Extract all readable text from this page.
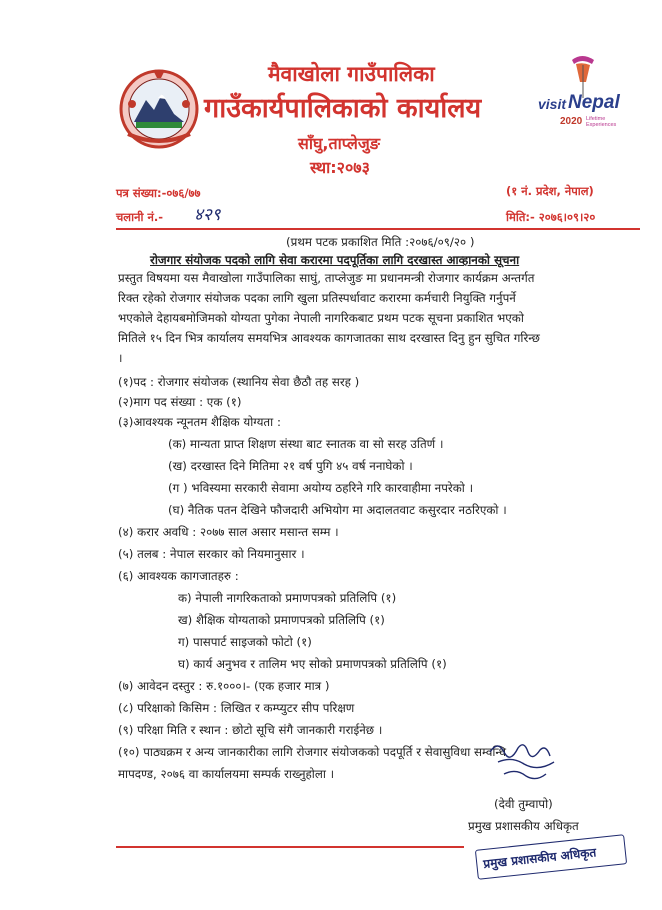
मैवाखोला गाउँपालिका
गाउँकार्यपालिकाको कार्यालय
साँघु,ताप्लेजुङ
स्था:२०७३
visit Nepal
2020 Lifetime Experiences
पत्र संख्या:-०७६/७७	(१ नं. प्रदेश, नेपाल)
चलानी नं.- ४२९	मिति:- २०७६।०९।२०
(प्रथम पटक प्रकाशित मिति :२०७६/०९/२० )
रोजगार संयोजक पदको लागि सेवा करारमा पदपूर्तिका लागि दरखास्त आव्हानको सूचना
प्रस्तुत विषयमा यस मैवाखोला गाउँपालिका साघुं, ताप्लेजुङ मा प्रधानमन्त्री रोजगार कार्यक्रम अन्तर्गत
रिक्त रहेको रोजगार संयोजक पदका लागि खुला प्रतिस्पर्धावाट करारमा कर्मचारी नियुक्ति गर्नुपर्ने
भएकोले देहायबमोजिमको योग्यता पुगेका नेपाली नागरिकबाट प्रथम पटक सूचना प्रकाशित भएको
मितिले १५ दिन भित्र कार्यालय समयभित्र आवश्यक कागजातका साथ दरखास्त दिनु हुन सुचित गरिन्छ
।
(१)पद : रोजगार संयोजक (स्थानिय सेवा छैठौ तह सरह )
(२)माग पद संख्या : एक (१)
(३)आवश्यक न्यूनतम शैक्षिक योग्यता :
(क) मान्यता प्राप्त शिक्षण संस्था बाट स्नातक वा सो सरह उतिर्ण ।
(ख) दरखास्त दिने मितिमा २१ वर्ष पुगि ४५ वर्ष ननाघेको ।
(ग ) भविस्यमा सरकारी सेवामा अयोग्य ठहरिने गरि कारवाहीमा नपरेको ।
(घ) नैतिक पतन देखिने फौजदारी अभियोग मा अदालतवाट कसुरदार नठरिएको ।
(४) करार अवधि : २०७७ साल असार मसान्त सम्म ।
(५) तलब : नेपाल सरकार को नियमानुसार ।
(६) आवश्यक कागजातहरु :
क) नेपाली नागरिकताको प्रमाणपत्रको प्रतिलिपि (१)
ख) शैक्षिक योग्यताको प्रमाणपत्रको प्रतिलिपि (१)
ग) पासपार्ट साइजको फोटो (१)
घ) कार्य अनुभव र तालिम भए सोको प्रमाणपत्रको प्रतिलिपि (१)
(७) आवेदन दस्तुर : रु.१०००।- (एक हजार मात्र )
(८) परिक्षाको किसिम : लिखित र कम्प्युटर सीप परिक्षण
(९) परिक्षा मिति र स्थान : छोटो सूचि संगै जानकारी गराईनेछ ।
(१०) पाठ्यक्रम र अन्य जानकारीका लागि रोजगार संयोजकको पदपूर्ति र सेवासुविधा सम्वन्धि
मापदण्ड, २०७६ वा कार्यालयमा सम्पर्क राख्नुहोला ।
(देवी तुम्वापो)
प्रमुख प्रशासकीय अधिकृत
प्रमुख प्रशासकीय अधिकृत
